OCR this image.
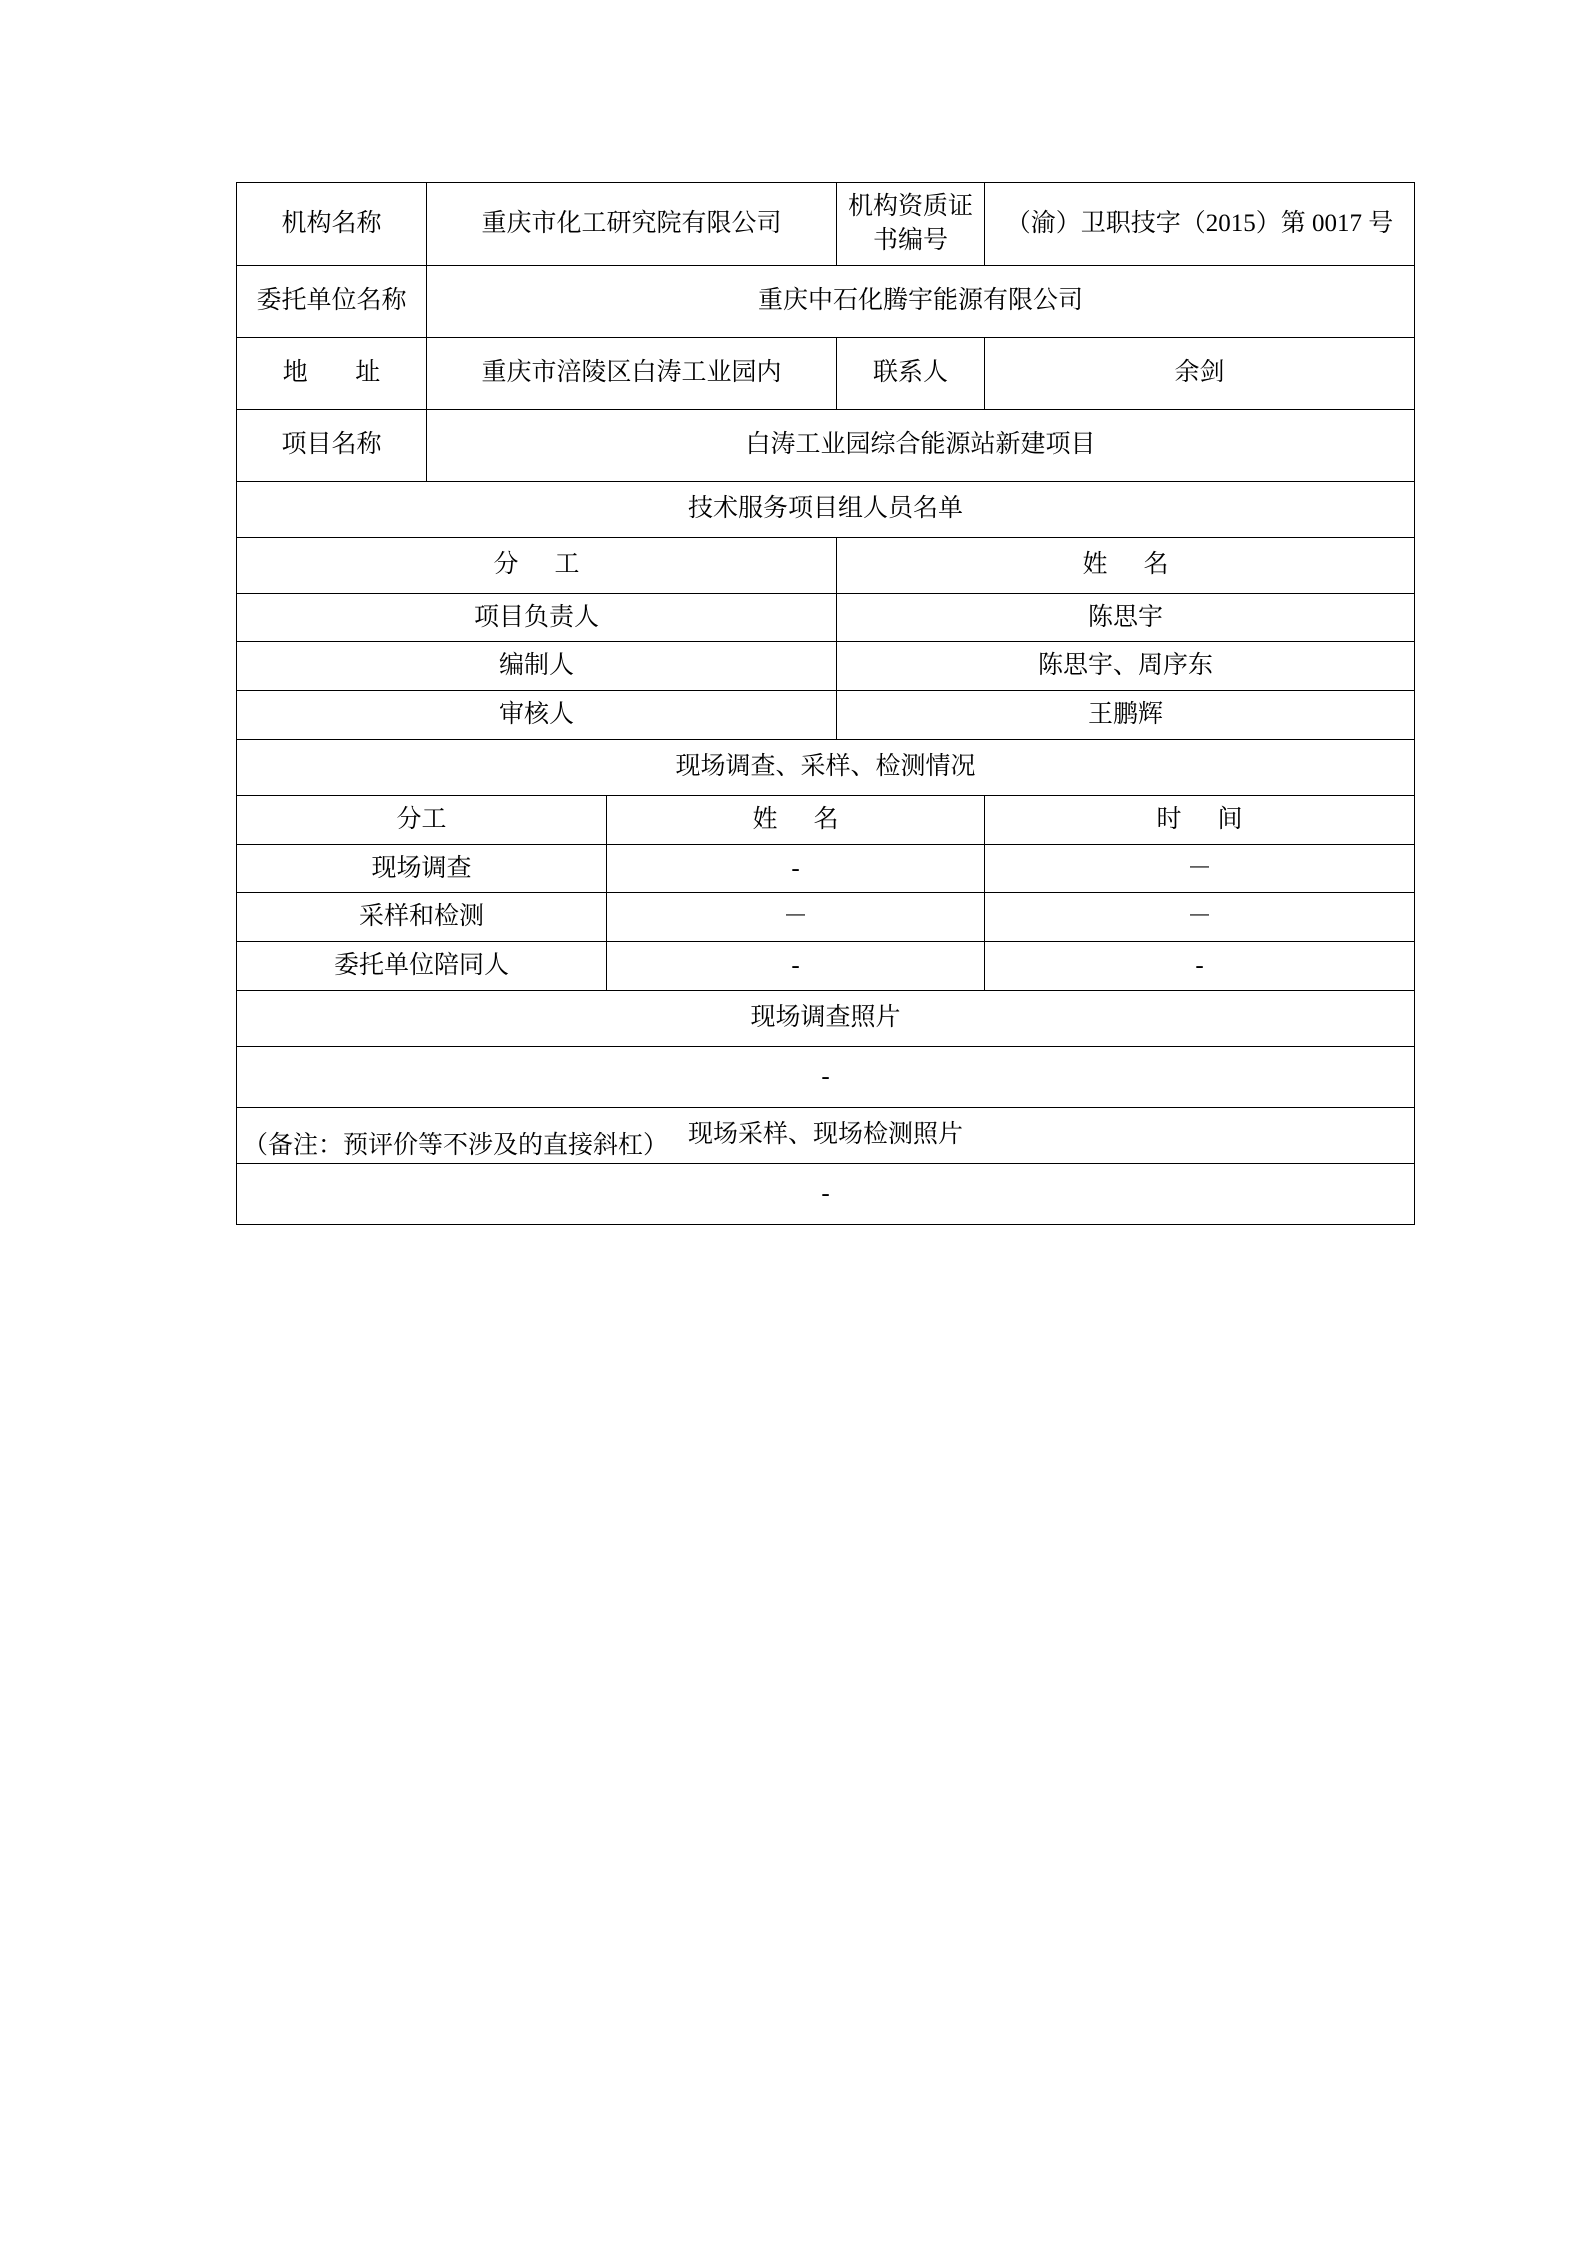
机构名称	重庆市化工研究院有限公司		机构资质证书编号	（渝）卫职技字（2015）第 0017 号
委托单位名称	重庆中石化腾宇能源有限公司			
地　址	重庆市涪陵区白涛工业园内		联系人	余剑
项目名称	白涛工业园综合能源站新建项目			
技术服务项目组人员名单				
分　工			姓　名	
项目负责人			陈思宇	
编制人			陈思宇、周序东	
审核人			王鹏辉	
现场调查、采样、检测情况				
分工		姓　名		时　间
现场调查		-		－
采样和检测		－		－
委托单位陪同人		-		-
现场调查照片				
-				
现场采样、现场检测照片				
-				
（备注：预评价等不涉及的直接斜杠）
